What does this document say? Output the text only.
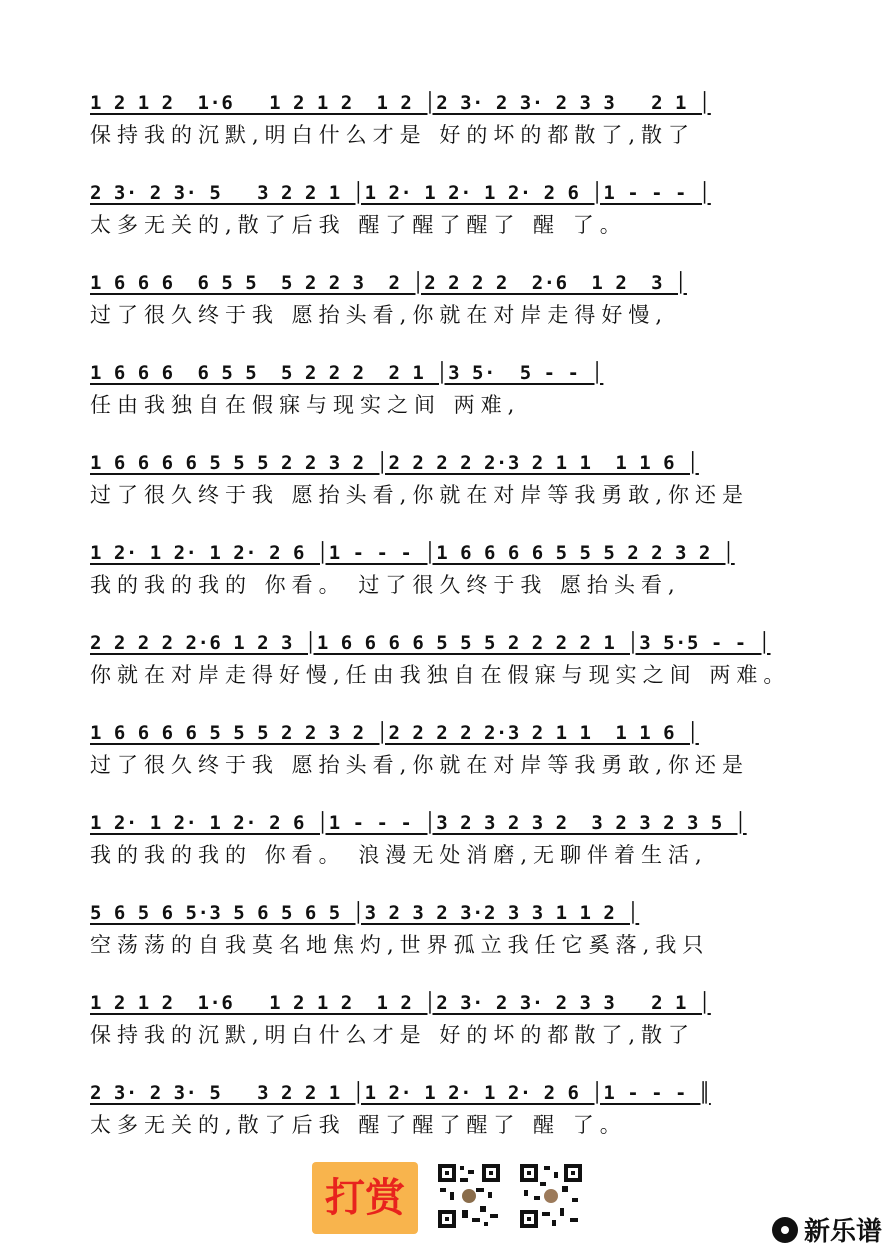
1 2 1 2  1·6   1 2 1 2  1 2 │2 3· 2 3· 2 3 3   2 1 │
保持我的沉默,明白什么才是 好的坏的都散了,散了
2 3· 2 3· 5   3 2 2 1 │1 2· 1 2· 1 2· 2 6 │1 - - - │
太多无关的,散了后我 醒了醒了醒了 醒 了。
1 6 6 6  6 5 5  5 2 2 3  2 │2 2 2 2  2·6  1 2  3 │
过了很久终于我 愿抬头看,你就在对岸走得好慢,
1 6 6 6  6 5 5  5 2 2 2  2 1 │3 5·  5 - - │
任由我独自在假寐与现实之间 两难,
1 6 6 6 6 5 5 5 2 2 3 2 │2 2 2 2 2·3 2 1 1  1 1 6 │
过了很久终于我 愿抬头看,你就在对岸等我勇敢,你还是
1 2· 1 2· 1 2· 2 6 │1 - - - │1 6 6 6 6 5 5 5 2 2 3 2 │
我的我的我的 你看。 过了很久终于我 愿抬头看,
2 2 2 2 2·6 1 2 3 │1 6 6 6 6 5 5 5 2 2 2 2 1 │3 5·5 - - │
你就在对岸走得好慢,任由我独自在假寐与现实之间 两难。
1 6 6 6 6 5 5 5 2 2 3 2 │2 2 2 2 2·3 2 1 1  1 1 6 │
过了很久终于我 愿抬头看,你就在对岸等我勇敢,你还是
1 2· 1 2· 1 2· 2 6 │1 - - - │3 2 3 2 3 2  3 2 3 2 3 5 │
我的我的我的 你看。 浪漫无处消磨,无聊伴着生活,
5 6 5 6 5·3 5 6 5 6 5 │3 2 3 2 3·2 3 3 1 1 2 │
空荡荡的自我莫名地焦灼,世界孤立我任它奚落,我只
1 2 1 2  1·6   1 2 1 2  1 2 │2 3· 2 3· 2 3 3   2 1 │
保持我的沉默,明白什么才是 好的坏的都散了,散了
2 3· 2 3· 5   3 2 2 1 │1 2· 1 2· 1 2· 2 6 │1 - - - ║
太多无关的,散了后我 醒了醒了醒了 醒 了。
打赏
新乐谱
